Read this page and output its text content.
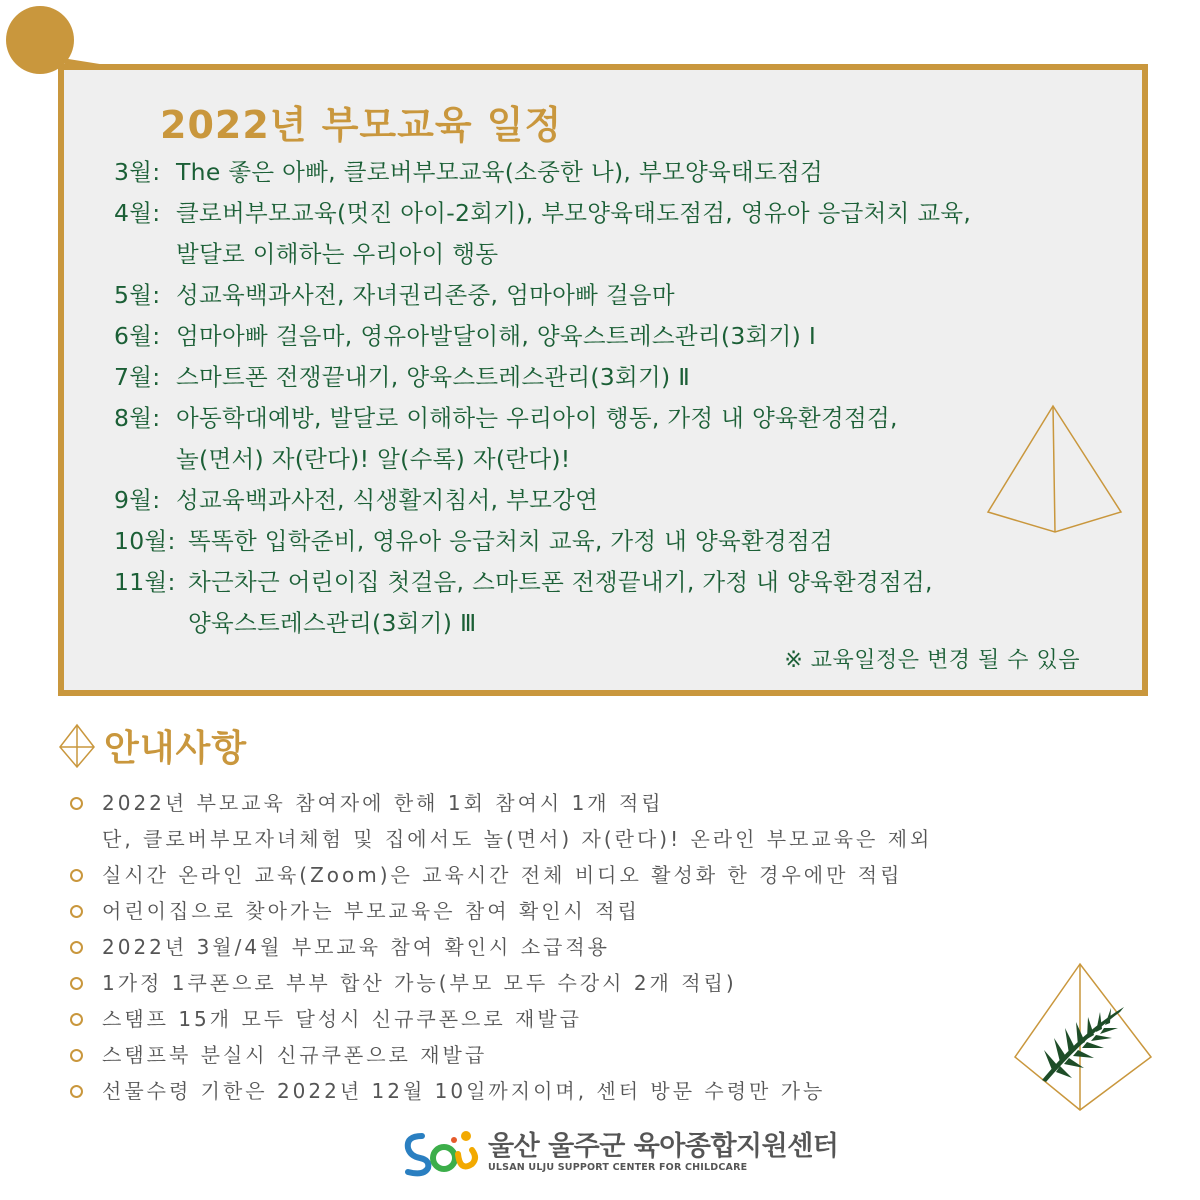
2022년 부모교육 일정
3월: The 좋은 아빠, 클로버부모교육(소중한 나), 부모양육태도점검
4월: 클로버부모교육(멋진 아이-2회기), 부모양육태도점검, 영유아 응급처치 교육,
발달로 이해하는 우리아이 행동
5월: 성교육백과사전, 자녀권리존중, 엄마아빠 걸음마
6월: 엄마아빠 걸음마, 영유아발달이해, 양육스트레스관리(3회기) Ⅰ
7월: 스마트폰 전쟁끝내기, 양육스트레스관리(3회기) Ⅱ
8월: 아동학대예방, 발달로 이해하는 우리아이 행동, 가정 내 양육환경점검,
놀(면서) 자(란다)! 알(수록) 자(란다)!
9월: 성교육백과사전, 식생활지침서, 부모강연
10월: 똑똑한 입학준비, 영유아 응급처치 교육, 가정 내 양육환경점검
11월: 차근차근 어린이집 첫걸음, 스마트폰 전쟁끝내기, 가정 내 양육환경점검,
양육스트레스관리(3회기) Ⅲ
※ 교육일정은 변경 될 수 있음
안내사항
2022년 부모교육 참여자에 한해 1회 참여시 1개 적립
단, 클로버부모자녀체험 및 집에서도 놀(면서) 자(란다)! 온라인 부모교육은 제외
실시간 온라인 교육(Zoom)은 교육시간 전체 비디오 활성화 한 경우에만 적립
어린이집으로 찾아가는 부모교육은 참여 확인시 적립
2022년 3월/4월 부모교육 참여 확인시 소급적용
1가정 1쿠폰으로 부부 합산 가능(부모 모두 수강시 2개 적립)
스탬프 15개 모두 달성시 신규쿠폰으로 재발급
스탬프북 분실시 신규쿠폰으로 재발급
선물수령 기한은 2022년 12월 10일까지이며, 센터 방문 수령만 가능
울산 울주군 육아종합지원센터
ULSAN ULJU SUPPORT CENTER FOR CHILDCARE
